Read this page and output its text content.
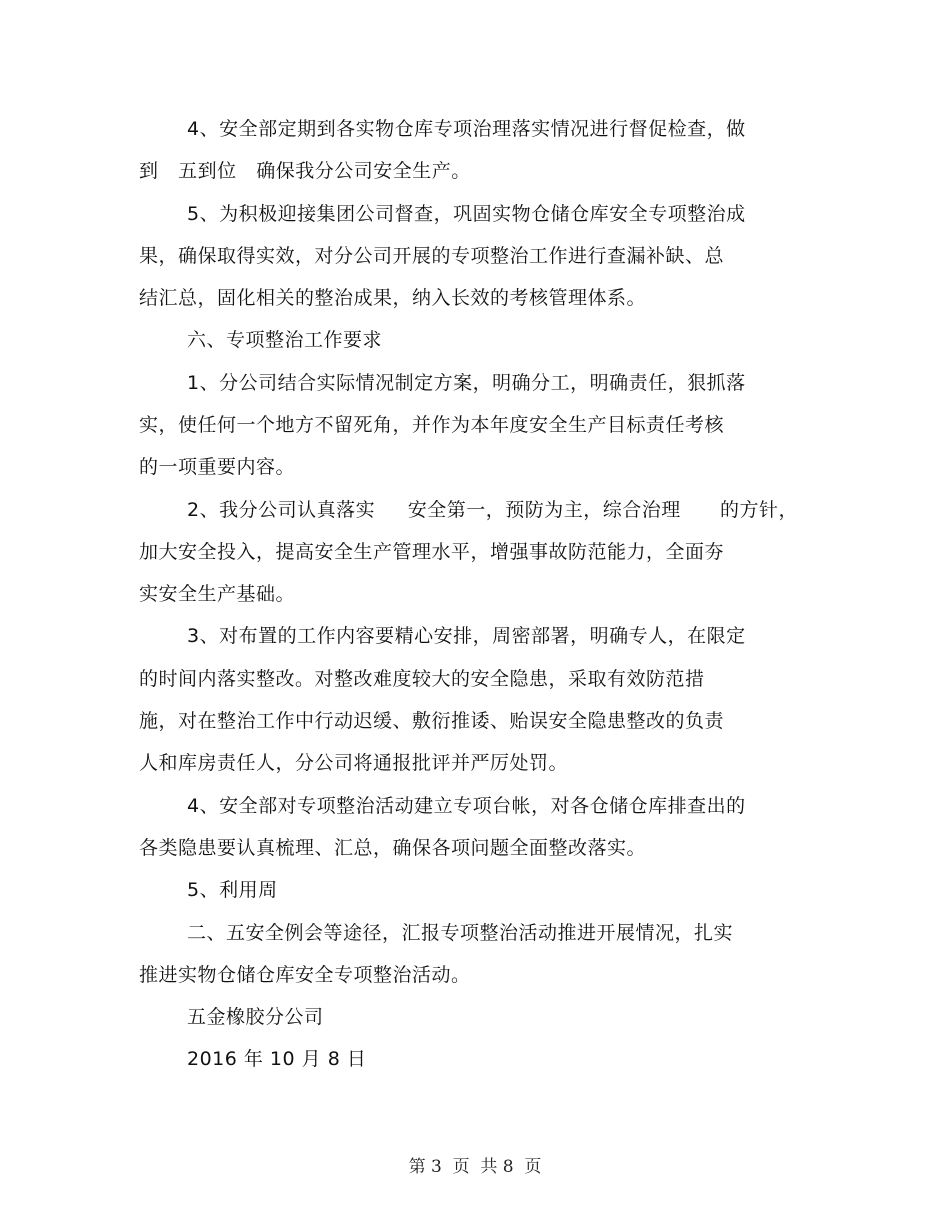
4、安全部定期到各实物仓库专项治理落实情况进行督促检查，做
到   五到位   确保我分公司安全生产。
5、为积极迎接集团公司督查，巩固实物仓储仓库安全专项整治成
果，确保取得实效，对分公司开展的专项整治工作进行查漏补缺、总
结汇总，固化相关的整治成果，纳入长效的考核管理体系。
六、专项整治工作要求
1、分公司结合实际情况制定方案，明确分工，明确责任，狠抓落
实，使任何一个地方不留死角，并作为本年度安全生产目标责任考核
的一项重要内容。
2、我分公司认真落实     安全第一，预防为主，综合治理      的方针，
加大安全投入，提高安全生产管理水平，增强事故防范能力，全面夯
实安全生产基础。
3、对布置的工作内容要精心安排，周密部署，明确专人，在限定
的时间内落实整改。对整改难度较大的安全隐患，采取有效防范措
施，对在整治工作中行动迟缓、敷衍推诿、贻误安全隐患整改的负责
人和库房责任人，分公司将通报批评并严厉处罚。
4、安全部对专项整治活动建立专项台帐，对各仓储仓库排查出的
各类隐患要认真梳理、汇总，确保各项问题全面整改落实。
5、利用周
二、五安全例会等途径，汇报专项整治活动推进开展情况，扎实
推进实物仓储仓库安全专项整治活动。
五金橡胶分公司
2016 年 10 月 8 日
第 3  页  共 8  页
